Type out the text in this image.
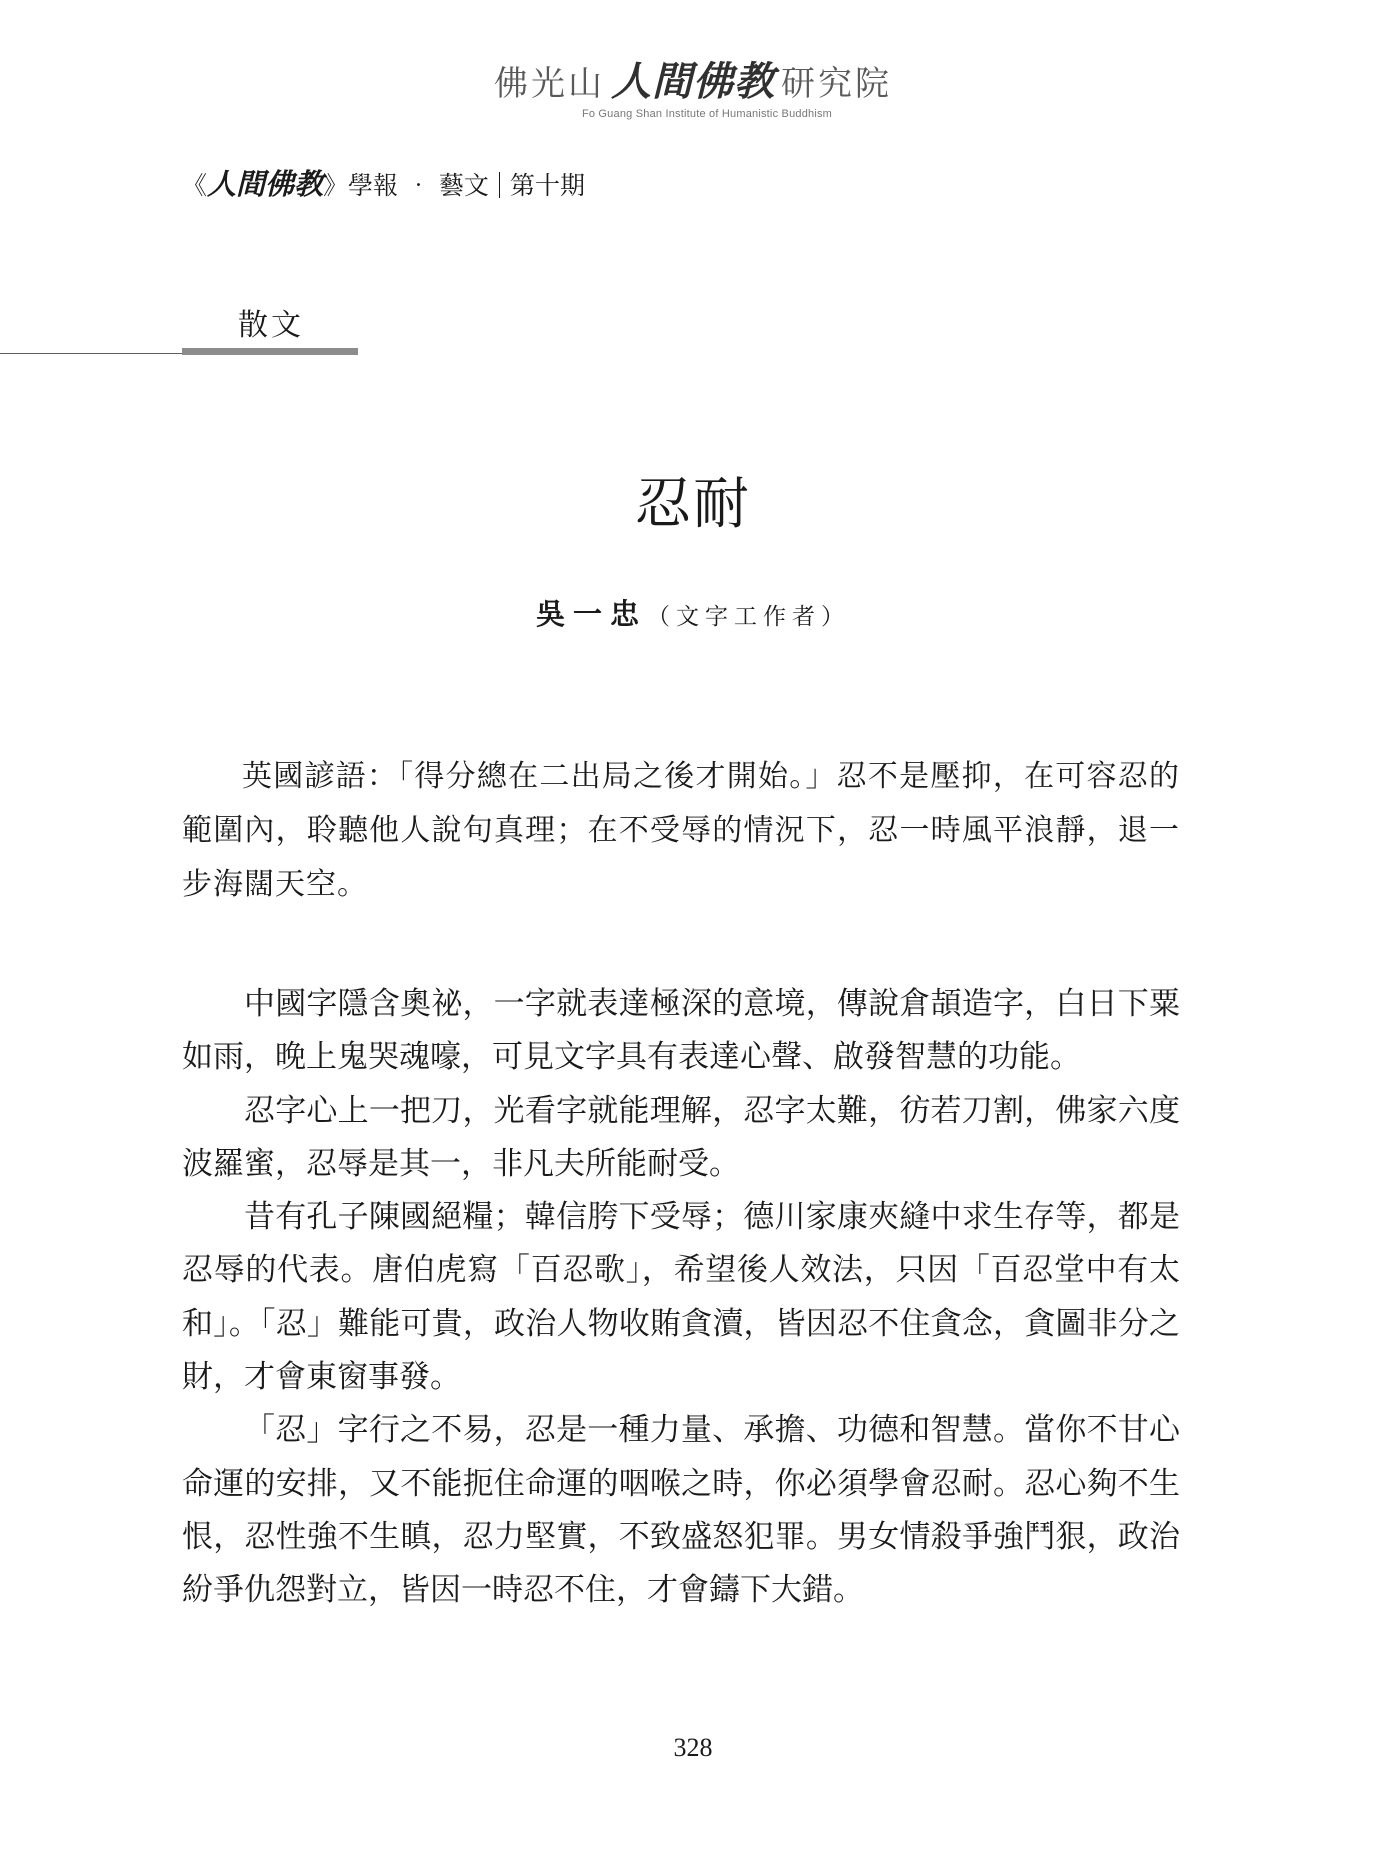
佛光山 人間佛教 研究院
Fo Guang Shan Institute of Humanistic Buddhism
《人間佛教》學報 ‧ 藝文 第十期
散文
忍耐
吳一忠（文字工作者）

英國諺語：「得分總在二出局之後才開始。」忍不是壓抑，在可容忍的範圍內，聆聽他人說句真理；在不受辱的情況下，忍一時風平浪靜，退一步海闊天空。

中國字隱含奧祕，一字就表達極深的意境，傳說倉頡造字，白日下粟如雨，晚上鬼哭魂嚎，可見文字具有表達心聲、啟發智慧的功能。

忍字心上一把刀，光看字就能理解，忍字太難，彷若刀割，佛家六度波羅蜜，忍辱是其一，非凡夫所能耐受。

昔有孔子陳國絕糧；韓信胯下受辱；德川家康夾縫中求生存等，都是忍辱的代表。唐伯虎寫「百忍歌」，希望後人效法，只因「百忍堂中有太和」。「忍」難能可貴，政治人物收賄貪瀆，皆因忍不住貪念，貪圖非分之財，才會東窗事發。

「忍」字行之不易，忍是一種力量、承擔、功德和智慧。當你不甘心命運的安排，又不能扼住命運的咽喉之時，你必須學會忍耐。忍心夠不生恨，忍性強不生瞋，忍力堅實，不致盛怒犯罪。男女情殺爭強鬥狠，政治紛爭仇怨對立，皆因一時忍不住，才會鑄下大錯。

328
